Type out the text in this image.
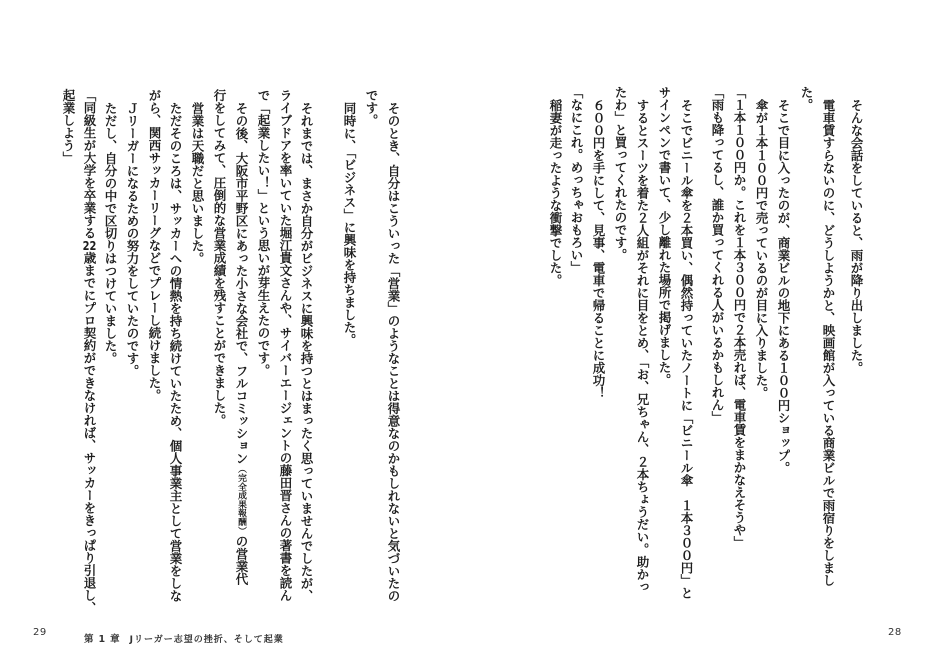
そのとき、自分はこういった「営業」のようなことは得意なのかもしれないと気づいたの
です。
同時に、「ビジネス」に興味を持ちました。
それまでは、まさか自分がビジネスに興味を持つとはまったく思っていませんでしたが、
ライブドアを率いていた堀江貴文さんや、サイバーエージェントの藤田晋さんの著書を読ん
で「起業したい！」という思いが芽生えたのです。
その後、大阪市平野区にあった小さな会社で、フルコミッション（完全成果報酬）の営業代
行をしてみて、圧倒的な営業成績を残すことができました。
営業は天職だと思いました。
ただそのころは、サッカーへの情熱を持ち続けていたため、個人事業主として営業をしな
がら、関西サッカーリーグなどでプレーし続けました。
Ｊリーガーになるための努力をしていたのです。
ただし、自分の中で区切りはつけていました。
「同級生が大学を卒業する22歳までにプロ契約ができなければ、サッカーをきっぱり引退し、
起業しよう」
29
第1章 Jリーガー志望の挫折、そして起業
そんな会話をしていると、雨が降り出しました。
電車賃すらないのに、どうしようかと、映画館が入っている商業ビルで雨宿りをしまし
た。
そこで目に入ったのが、商業ビルの地下にある１００円ショップ。
傘が１本１００円で売っているのが目に入りました。
「１本１００円か。これを１本３００円で２本売れば、電車賃をまかなえそうや」
「雨も降ってるし、誰か買ってくれる人がいるかもしれん」
そこでビニール傘を２本買い、偶然持っていたノートに「ビニール傘　１本３００円」と
サインペンで書いて、少し離れた場所で掲げました。
するとスーツを着た２人組がそれに目をとめ、「お、兄ちゃん、２本ちょうだい。助かっ
たわ」と買ってくれたのです。
６００円を手にして、見事、電車で帰ることに成功！
「なにこれ。めっちゃおもろい」
稲妻が走ったような衝撃でした。
28
